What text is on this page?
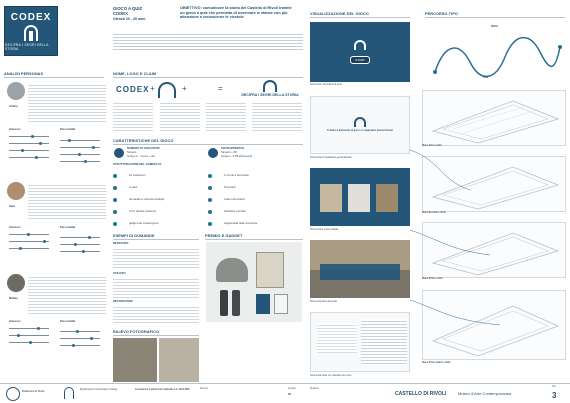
CODEX
DECIFRA I SEGRI DELLA STORIA
GIOCO A QUIZ
CODEX
Utenza 20 - 30 anni
OBIETTIVO: comunicare la storia del Castello di Rivoli tramite un gioco a quiz che permetta di osservare le stanze con più attenzione e conoscerne le vicende
ANALISI PERSONAS
Chiara
Interessi	Personalità
Sara
Interessi	Personalità
Matteo
Interessi	Personalità
NOME, LOGO E CLAIM
CODEX +	+	=
DECIFRA I SEGRI DELLA STORIA
CARATTERISTICHE DEL GIOCO
NUMERO DI GIOCATORI
Singolo
Gruppi 2 - 4 pers. max
SOVRAPPREZZO
Singolo + 5€
Gruppi + 2,5€ all'persona
STRUTTURAZIONE DEL GAMEPLAY
10 postazioni
2 piani
domande a risposta multipla
3,5 h durata massima
gadget del museo/gioco
3 minuti a domanda
8 tentativi
video informativo
classifica mensile
stagionalità delle domande
ESEMPI DI DOMANDE
RESTAURO
UTILIZZO
DECORAZIONI
PREMIO E GADGET
RILIEVO FOTOGRAFICO
VISUALIZZAZIONE DEL GIOCO
START
Schermata: informativa di avvio
Ti diamo il benvenuto al gioco e ti auguriamo buona fortuna!
Schermata d'inquadratura geolocalizzata
Schermata a scelta multipla
Schermata della domanda
Schermata finale con classifica del mese
PERCORSO TIPO
INIZIO
FINE
Piano Terra +0.0m
Piano Secondo +8.0m
Piano Primo +4.0m
Piano Primo ultimo ordine
Politecnico di Torino
Dipartimento di Architettura e Design	Comunicare il patrimonio culturale A.A. 2024-2025	Docenti	Gruppo
05
Studenti
CASTELLO DI RIVOLI	Museo d'Arte Contemporanea
Tav.
3
